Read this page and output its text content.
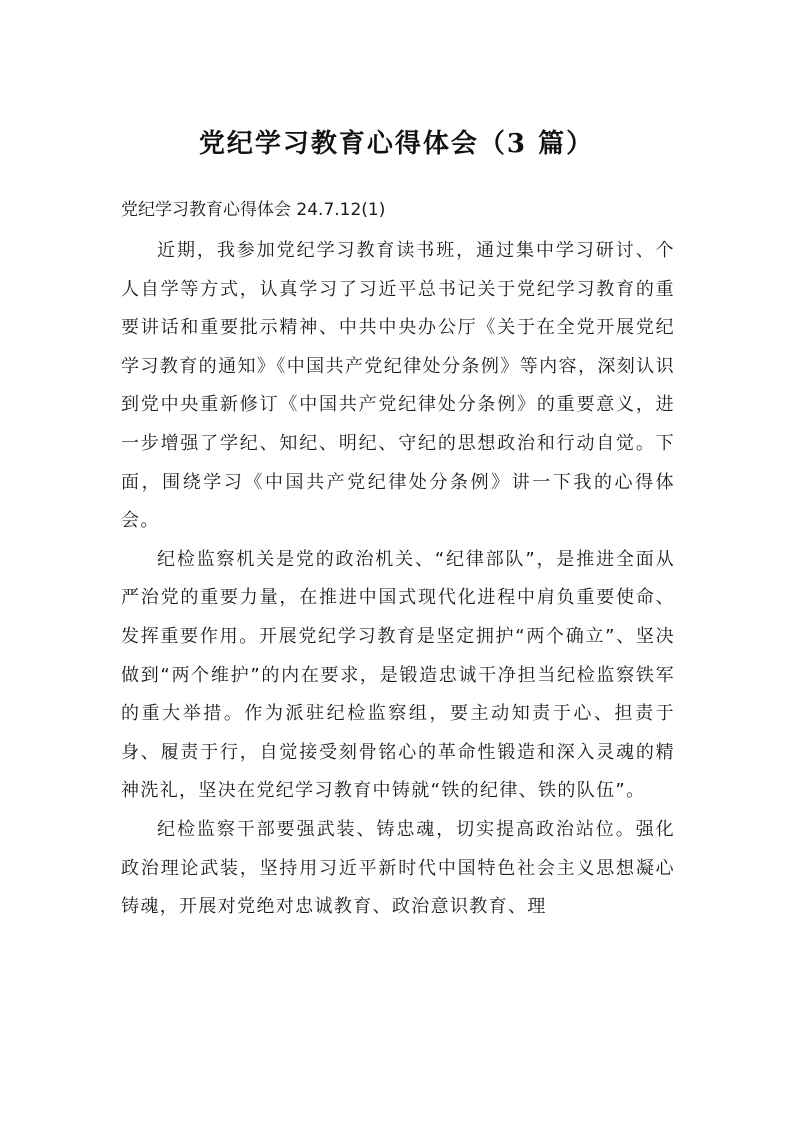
党纪学习教育心得体会（3 篇）

党纪学习教育心得体会 24.7.12(1)

近期，我参加党纪学习教育读书班，通过集中学习研讨、个人自学等方式，认真学习了习近平总书记关于党纪学习教育的重要讲话和重要批示精神、中共中央办公厅《关于在全党开展党纪学习教育的通知》《中国共产党纪律处分条例》等内容，深刻认识到党中央重新修订《中国共产党纪律处分条例》的重要意义，进一步增强了学纪、知纪、明纪、守纪的思想政治和行动自觉。下面，围绕学习《中国共产党纪律处分条例》讲一下我的心得体会。

纪检监察机关是党的政治机关、“纪律部队”，是推进全面从严治党的重要力量，在推进中国式现代化进程中肩负重要使命、发挥重要作用。开展党纪学习教育是坚定拥护“两个确立”、坚决做到“两个维护”的内在要求，是锻造忠诚干净担当纪检监察铁军的重大举措。作为派驻纪检监察组，要主动知责于心、担责于身、履责于行，自觉接受刻骨铭心的革命性锻造和深入灵魂的精神洗礼，坚决在党纪学习教育中铸就“铁的纪律、铁的队伍”。

纪检监察干部要强武装、铸忠魂，切实提高政治站位。强化政治理论武装，坚持用习近平新时代中国特色社会主义思想凝心铸魂，开展对党绝对忠诚教育、政治意识教育、理
